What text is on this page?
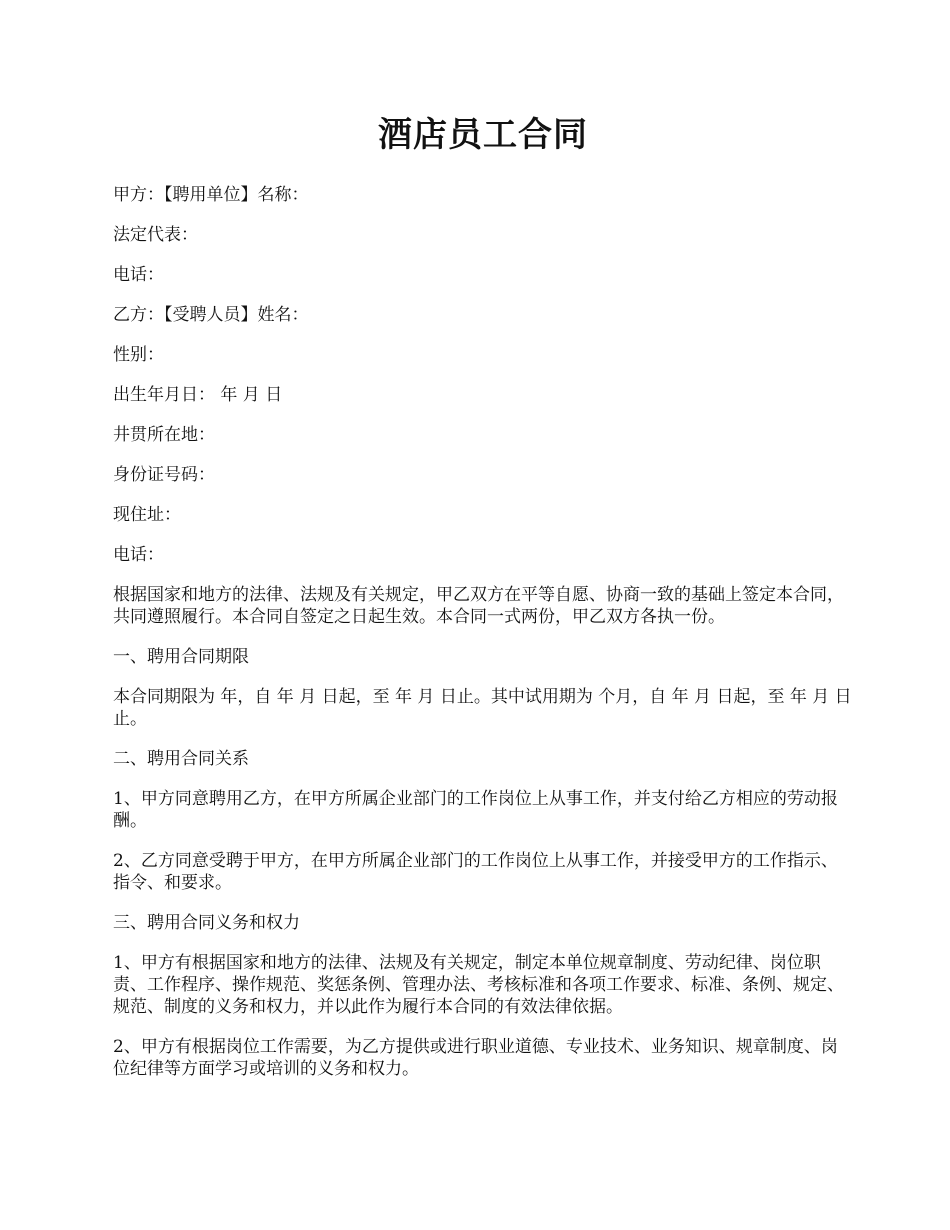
酒店员工合同
甲方：【聘用单位】名称：
法定代表：
电话：
乙方：【受聘人员】姓名：
性别：
出生年月日： 年 月 日
井贯所在地：
身份证号码：
现住址：
电话：

根据国家和地方的法律、法规及有关规定，甲乙双方在平等自愿、协商一致的基础上签定本合同，共同遵照履行。本合同自签定之日起生效。本合同一式两份，甲乙双方各执一份。

一、聘用合同期限

本合同期限为 年，自 年 月 日起，至 年 月 日止。其中试用期为 个月，自 年 月 日起，至 年 月 日止。

二、聘用合同关系

1、甲方同意聘用乙方，在甲方所属企业部门的工作岗位上从事工作，并支付给乙方相应的劳动报酬。

2、乙方同意受聘于甲方，在甲方所属企业部门的工作岗位上从事工作，并接受甲方的工作指示、指令、和要求。

三、聘用合同义务和权力

1、甲方有根据国家和地方的法律、法规及有关规定，制定本单位规章制度、劳动纪律、岗位职责、工作程序、操作规范、奖惩条例、管理办法、考核标准和各项工作要求、标准、条例、规定、规范、制度的义务和权力，并以此作为履行本合同的有效法律依据。

2、甲方有根据岗位工作需要，为乙方提供或进行职业道德、专业技术、业务知识、规章制度、岗位纪律等方面学习或培训的义务和权力。
